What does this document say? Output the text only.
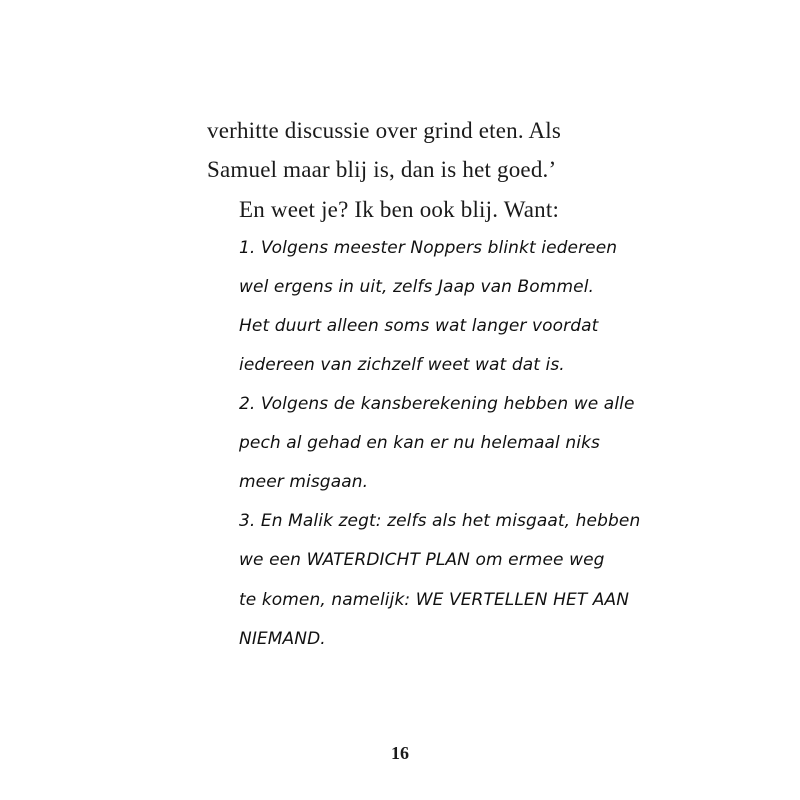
verhitte discussie over grind eten. Als
Samuel maar blij is, dan is het goed.’
En weet je? Ik ben ook blij. Want:
1. Volgens meester Noppers blinkt iedereen
wel ergens in uit, zelfs Jaap van Bommel.
Het duurt alleen soms wat langer voordat
iedereen van zichzelf weet wat dat is.
2. Volgens de kansberekening hebben we alle
pech al gehad en kan er nu helemaal niks
meer misgaan.
3. En Malik zegt: zelfs als het misgaat, hebben
we een WATERDICHT PLAN om ermee weg
te komen, namelijk: WE VERTELLEN HET AAN
NIEMAND.
16
